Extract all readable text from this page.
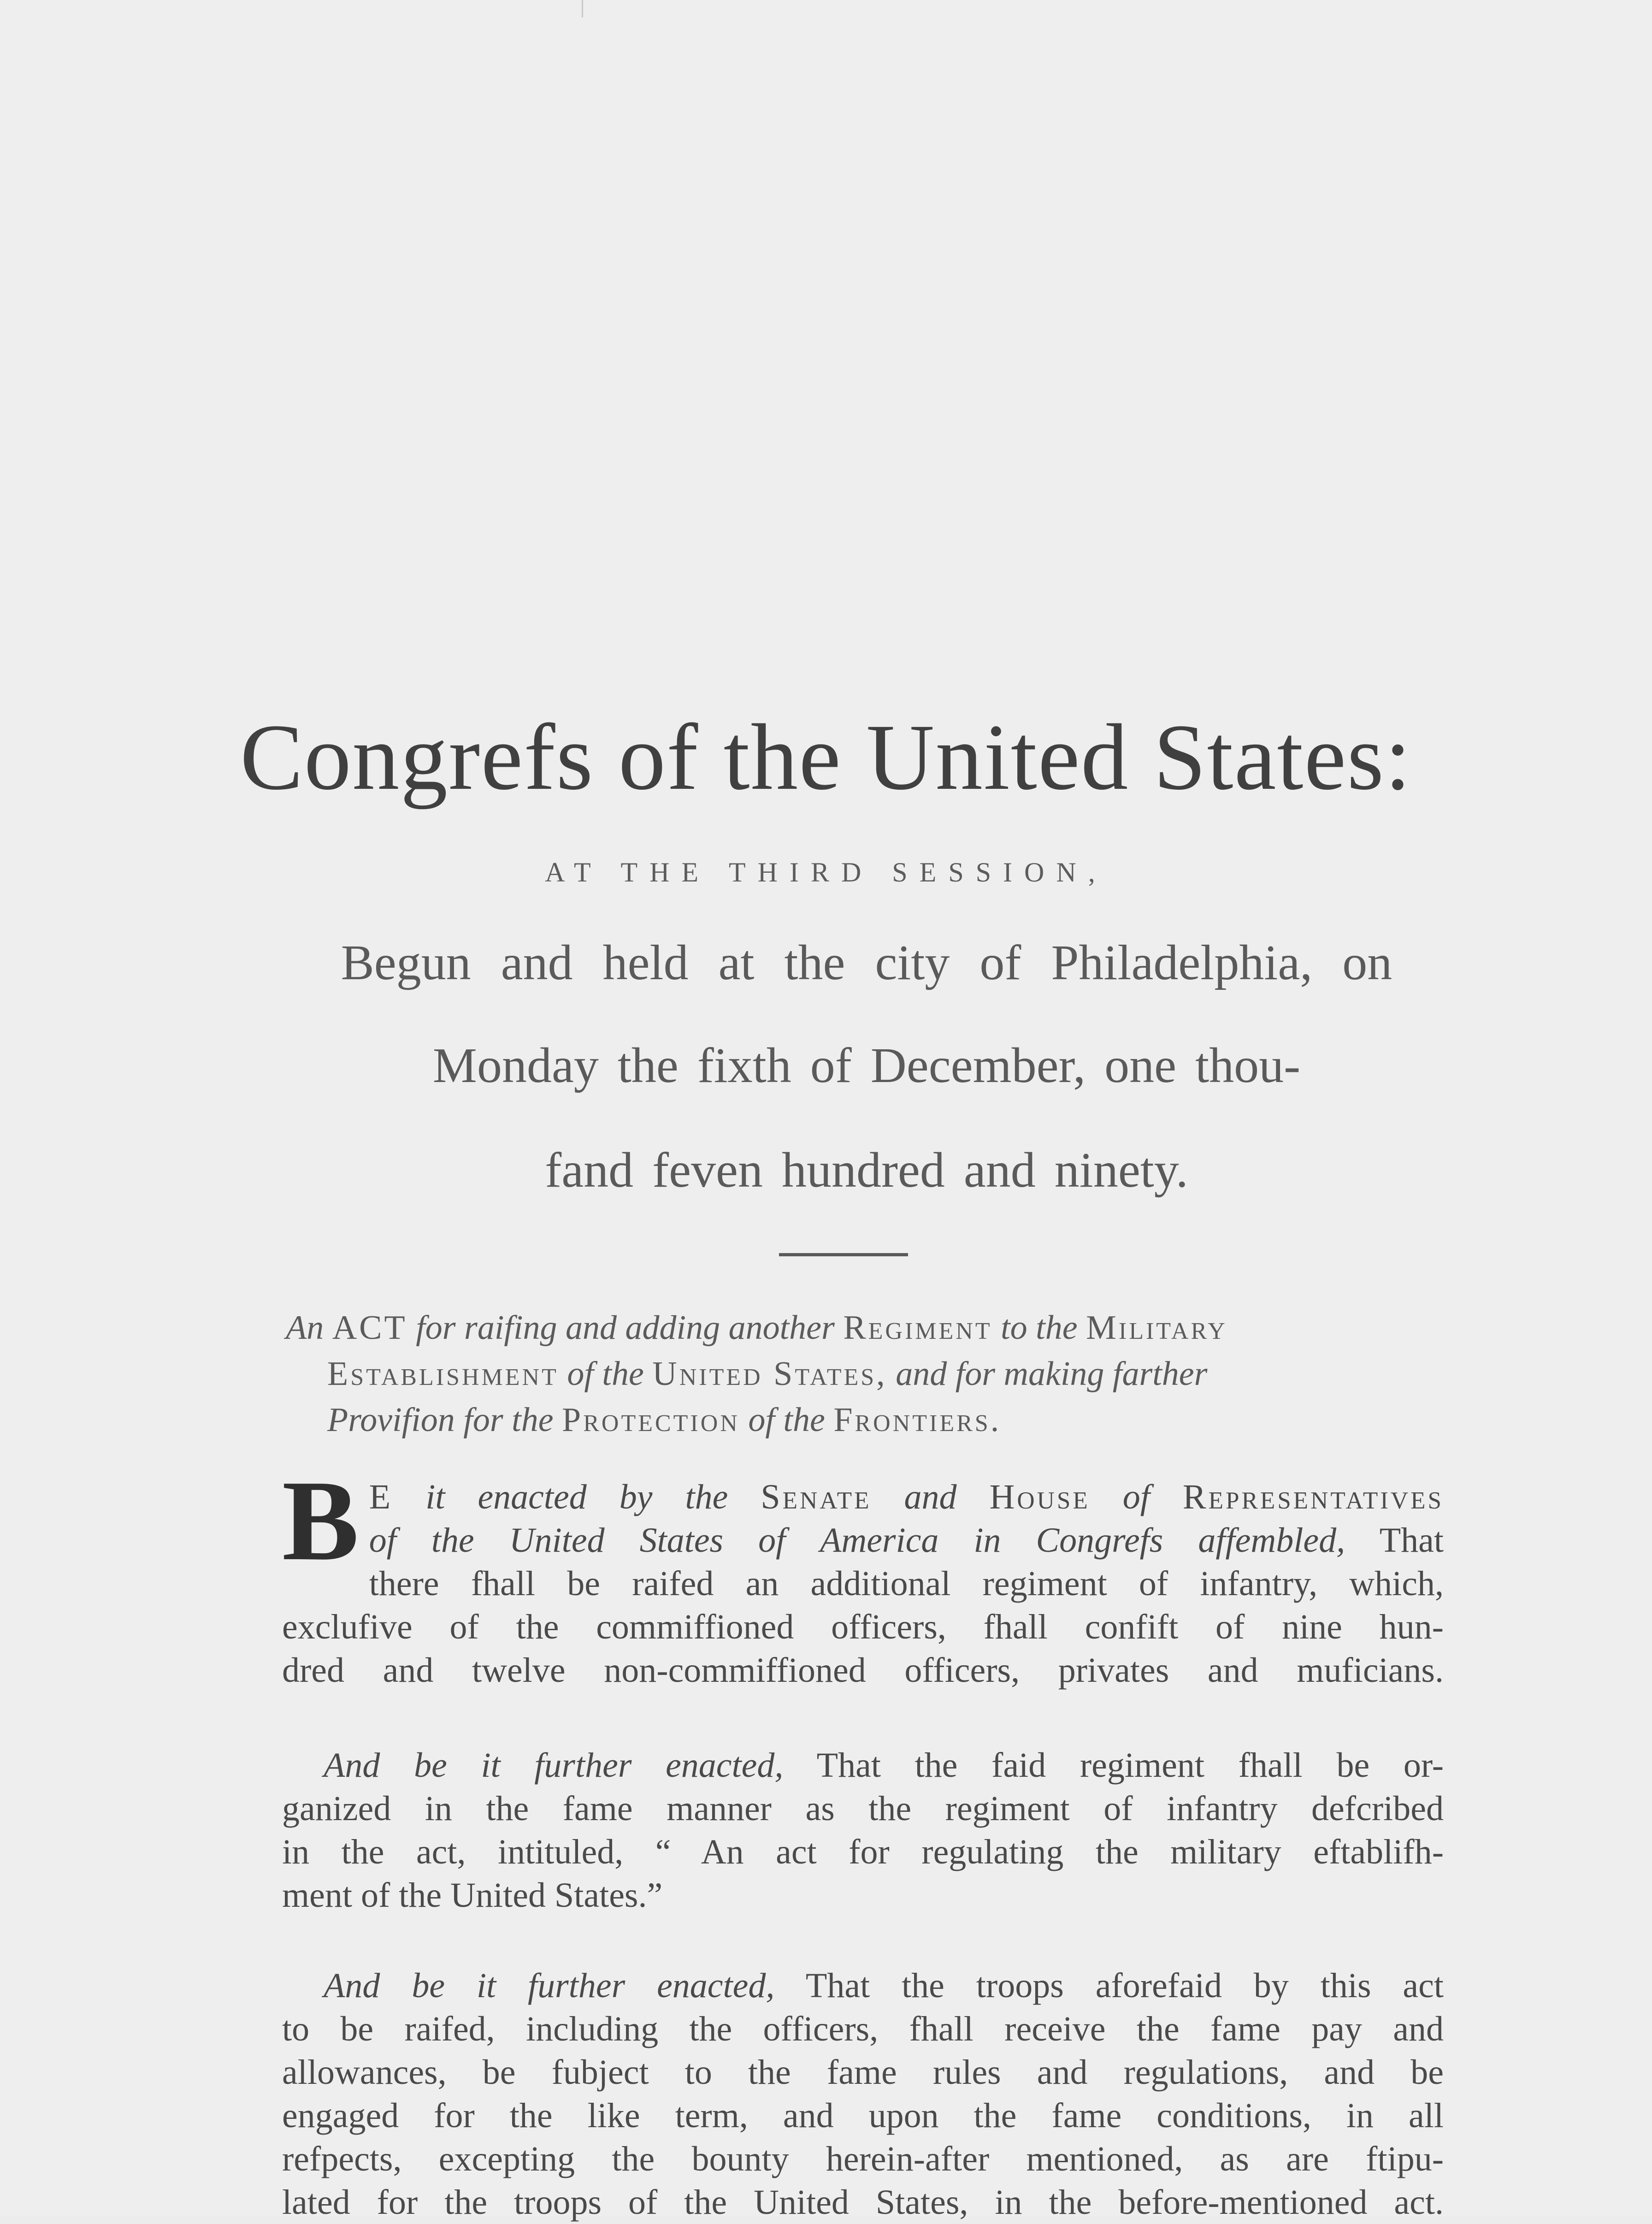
Congrefs of the United States:
AT THE THIRD SESSION,
Begun and held at the city of Philadelphia, on
Monday the fixth of December, one thou-
fand feven hundred and ninety.
An ACT for raifing and adding another Regiment to the Military
Establishment of the United States, and for making farther
Provifion for the Protection of the Frontiers.
B E it enacted by the Senate and House of Representatives
of the United States of America in Congrefs affembled, That
there fhall be raifed an additional regiment of infantry, which,
exclufive of the commiffioned officers, fhall confift of nine hun-
dred and twelve non-commiffioned officers, privates and muficians.
And be it further enacted, That the faid regiment fhall be or-
ganized in the fame manner as the regiment of infantry defcribed
in the act, intituled, “ An act for regulating the military eftablifh-
ment of the United States.”
And be it further enacted, That the troops aforefaid by this act
to be raifed, including the officers, fhall receive the fame pay and
allowances, be fubject to the fame rules and regulations, and be
engaged for the like term, and upon the fame conditions, in all
refpects, excepting the bounty herein-after mentioned, as are ftipu-
lated for the troops of the United States, in the before-mentioned act.
